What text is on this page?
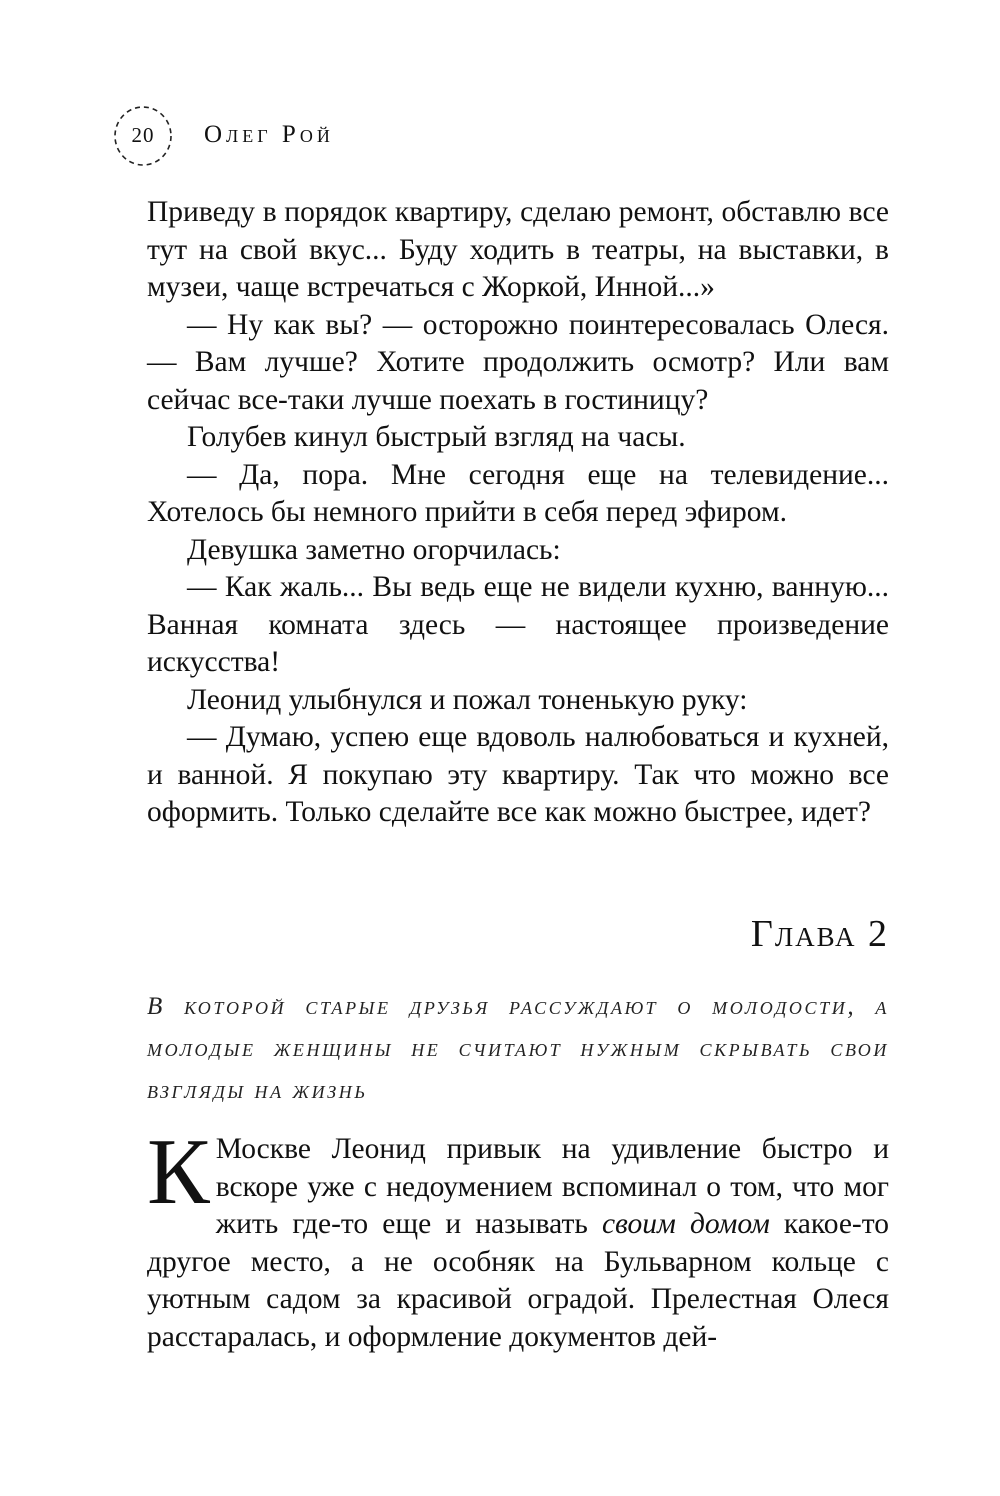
20	Олег Рой

Приведу в порядок квартиру, сделаю ремонт, обставлю все тут на свой вкус... Буду ходить в театры, на выставки, в музеи, чаще встречаться с Жоркой, Инной...»

— Ну как вы? — осторожно поинтересовалась Олеся. — Вам лучше? Хотите продолжить осмотр? Или вам сейчас все-таки лучше поехать в гостиницу?

Голубев кинул быстрый взгляд на часы.

— Да, пора. Мне сегодня еще на телевидение... Хотелось бы немного прийти в себя перед эфиром.

Девушка заметно огорчилась:

— Как жаль... Вы ведь еще не видели кухню, ванную... Ванная комната здесь — настоящее произведение искусства!

Леонид улыбнулся и пожал тоненькую руку:

— Думаю, успею еще вдоволь налюбоваться и кухней, и ванной. Я покупаю эту квартиру. Так что можно все оформить. Только сделайте все как можно быстрее, идет?

Глава 2
В которой старые друзья рассуждают о молодости, а молодые женщины не считают нужным скрывать свои взгляды на жизнь

К Москве Леонид привык на удивление быстро и вскоре уже с недоумением вспоминал о том, что мог жить где-то еще и называть своим домом какое-то другое место, а не особняк на Бульварном кольце с уютным садом за красивой оградой. Прелестная Олеся расстаралась, и оформление документов дей-
